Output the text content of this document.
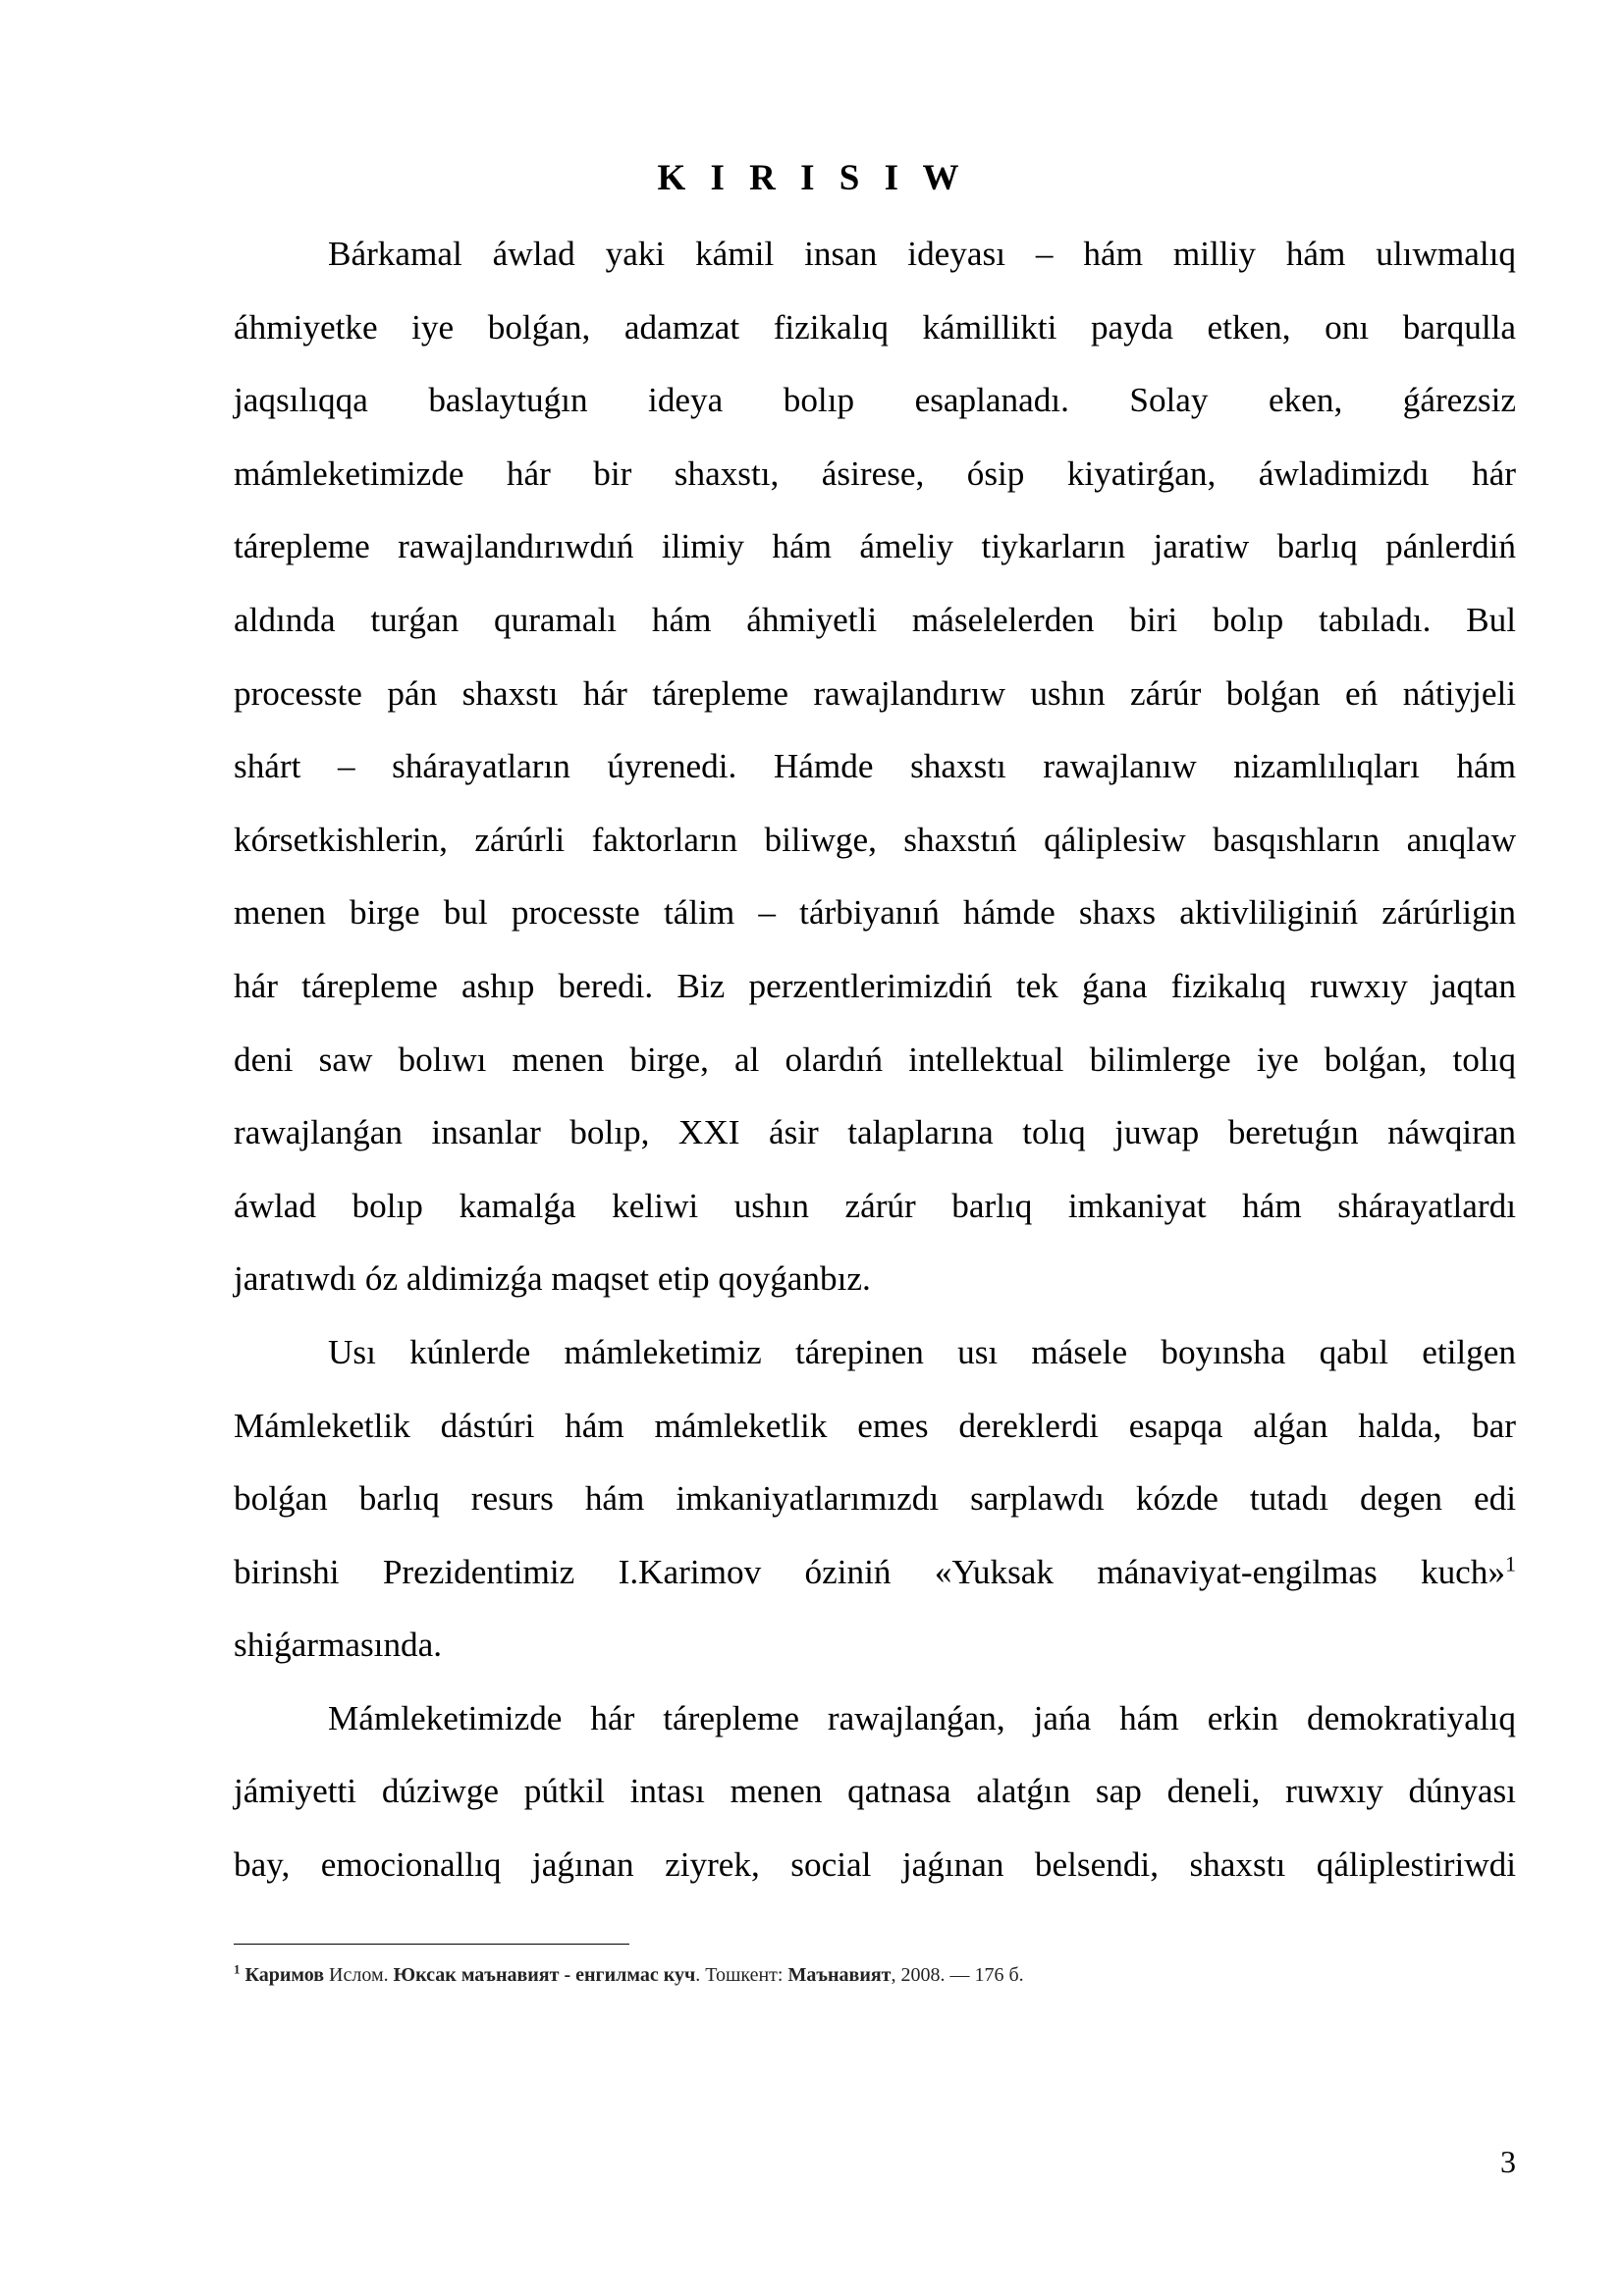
K I R I S I W
Bárkamal áwlad yaki kámil insan ideyası – hám milliy hám ulıwmalıq
áhmiyetke iye bolǵan, adamzat fizikalıq kámillikti payda etken, onı barqulla
jaqsılıqqa baslaytuǵın ideya bolıp esaplanadı. Solay eken, ǵárezsiz
mámleketimizde hár bir shaxstı, ásirese, ósip kiyatirǵan, áwladimizdı hár
tárepleme rawajlandırıwdıń ilimiy hám ámeliy tiykarların jaratiw barlıq pánlerdiń
aldında turǵan quramalı hám áhmiyetli máselelerden biri bolıp tabıladı. Bul
processte pán shaxstı hár tárepleme rawajlandırıw ushın zárúr bolǵan eń nátiyjeli
shárt – shárayatların úyrenedi. Hámde shaxstı rawajlanıw nizamlılıqları hám
kórsetkishlerin, zárúrli faktorların biliwge, shaxstıń qáliplesiw basqıshların anıqlaw
menen birge bul processte tálim – tárbiyanıń hámde shaxs aktivliliginiń zárúrligin
hár tárepleme ashıp beredi. Biz perzentlerimizdiń tek ǵana fizikalıq ruwxıy jaqtan
deni saw bolıwı menen birge, al olardıń intellektual bilimlerge iye bolǵan, tolıq
rawajlanǵan insanlar bolıp, XXI ásir talaplarına tolıq juwap beretuǵın náwqiran
áwlad bolıp kamalǵa keliwi ushın zárúr barlıq imkaniyat hám shárayatlardı
jaratıwdı óz aldimizǵa maqset etip qoyǵanbız.
Usı kúnlerde mámleketimiz tárepinen usı másele boyınsha qabıl etilgen
Mámleketlik dástúri hám mámleketlik emes dereklerdi esapqa alǵan halda, bar
bolǵan barlıq resurs hám imkaniyatlarımızdı sarplawdı kózde tutadı degen edi
birinshi Prezidentimiz I.Karimov óziniń «Yuksak mánaviyat-engilmas kuch»$^1$
shiǵarmasında.
Mámleketimizde hár tárepleme rawajlanǵan, jańa hám erkin demokratiyalıq
jámiyetti dúziwge pútkil intası menen qatnasa alatǵın sap deneli, ruwxıy dúnyası
bay, emocionallıq jaǵınan ziyrek, social jaǵınan belsendi, shaxstı qáliplestiriwdi
$^1$ Каримов Ислом. Юксак маънавият - енгилмас куч. Тошкент: Маънавият, 2008. — 176 б.
3
